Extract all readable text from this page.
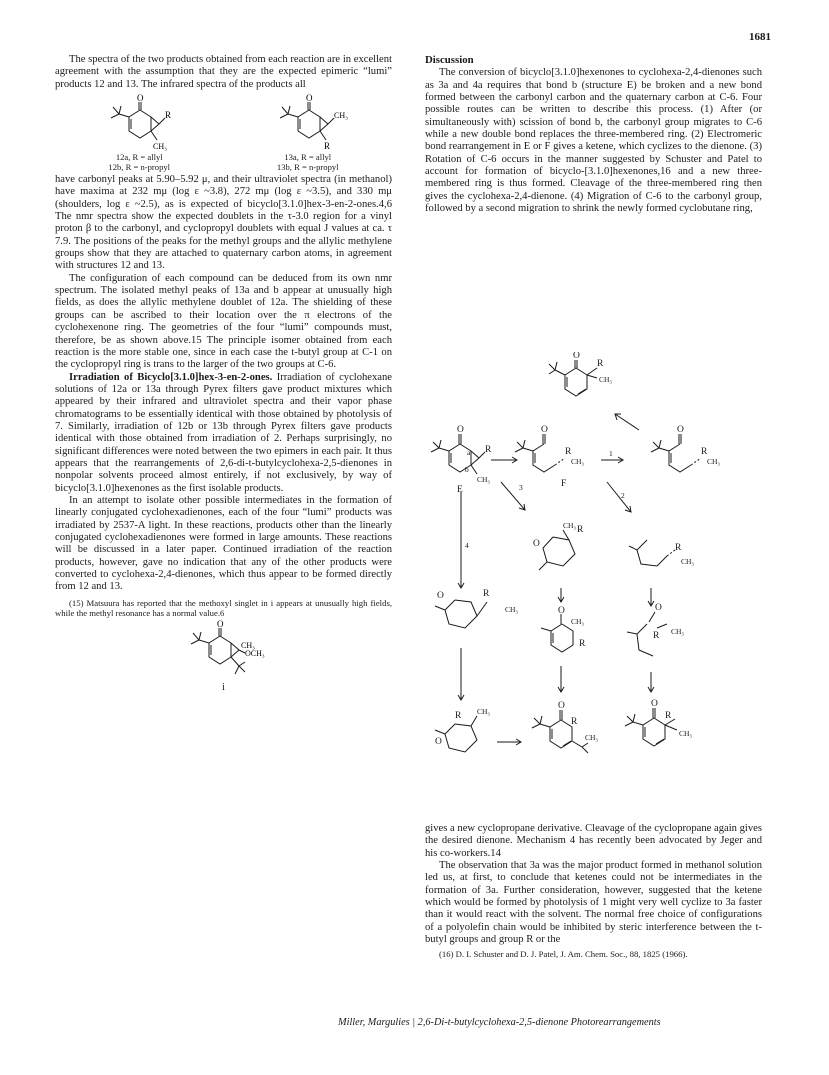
1681

The spectra of the two products obtained from each reaction are in excellent agreement with the assumption that they are the expected epimeric “lumi” products 12 and 13. The infrared spectra of the products all

O
R
CH₃
12a, R = allyl
12b, R = n-propyl
O
CH₃
R
13a, R = allyl
13b, R = n-propyl

have carbonyl peaks at 5.90–5.92 μ, and their ultraviolet spectra (in methanol) have maxima at 232 mμ (log ε ~3.8), 272 mμ (log ε ~3.5), and 330 mμ (shoulders, log ε ~2.5), as is expected of bicyclo[3.1.0]hex-3-en-2-ones.4,6 The nmr spectra show the expected doublets in the τ-3.0 region for a vinyl proton β to the carbonyl, and cyclopropyl doublets with equal J values at ca. τ 7.9. The positions of the peaks for the methyl groups and the allylic methylene groups show that they are attached to quaternary carbon atoms, in agreement with structures 12 and 13.

The configuration of each compound can be deduced from its own nmr spectrum. The isolated methyl peaks of 13a and b appear at unusually high fields, as does the allylic methylene doublet of 12a. The shielding of these groups can be ascribed to their location over the π electrons of the cyclohexenone ring. The geometries of the four “lumi” compounds must, therefore, be as shown above.15 The principle isomer obtained from each reaction is the more stable one, since in each case the t-butyl group at C-1 on the cyclopropyl ring is trans to the larger of the two groups at C-6.

Irradiation of Bicyclo[3.1.0]hex-3-en-2-ones. Irradiation of cyclohexane solutions of 12a or 13a through Pyrex filters gave product mixtures which appeared by their infrared and ultraviolet spectra and their vapor phase chromatograms to be essentially identical with those obtained by photolysis of 7. Similarly, irradiation of 12b or 13b through Pyrex filters gave products identical with those obtained from irradiation of 2. Perhaps surprisingly, no significant differences were noted between the two epimers in each pair. It thus appears that the rearrangements of 2,6-di-t-butylcyclohexa-2,5-dienones in nonpolar solvents proceed almost entirely, if not exclusively, by way of bicyclo[3.1.0]hexenones as the first isolable products.

In an attempt to isolate other possible intermediates in the formation of linearly conjugated cyclohexadienones, each of the four “lumi” products was irradiated by 2537-A light. In these reactions, products other than the linearly conjugated cyclohexadienones were formed in large amounts. These reactions will be discussed in a later paper. Continued irradiation of the reaction products, however, gave no indication that any of the other products were converted to cyclohexa-2,4-dienones, which thus appear to be formed directly from 12 and 13.

(15) Matsuura has reported that the methoxyl singlet in i appears at unusually high fields, while the methyl resonance has a normal value.6

O
OCH₃
CH₃
i
Discussion

The conversion of bicyclo[3.1.0]hexenones to cyclohexa-2,4-dienones such as 3a and 4a requires that bond b (structure E) be broken and a new bond formed between the carbonyl carbon and the quaternary carbon at C-6. Four possible routes can be written to describe this process. (1) After (or simultaneously with) scission of bond b, the carbonyl group migrates to C-6 while a new double bond replaces the three-membered ring. (2) Electromeric bond rearrangement in E or F gives a ketene, which cyclizes to the dienone. (3) Rotation of C-6 occurs in the manner suggested by Schuster and Patel to account for formation of bicyclo-[3.1.0]hexenones,16 and a new three-membered ring is thus formed. Cleavage of the three-membered ring then gives the cyclohexa-2,4-dienone. (4) Migration of C-6 to the carbonyl group, followed by a second migration to shrink the newly formed cyclobutane ring,

O
R
CH₃
O
a
b
R
CH₃
E
O
R
CH₃
F
1
O
R
CH₃
4
3
2
CH₃ R
O	R
CH₃
O	R
CH₃	O
CH₃
R
O
R CH₃
R CH₃
O
O
R
CH₃
O
R
CH₃

gives a new cyclopropane derivative. Cleavage of the cyclopropane again gives the desired dienone. Mechanism 4 has recently been advocated by Jeger and his co-workers.14

The observation that 3a was the major product formed in methanol solution led us, at first, to conclude that ketenes could not be intermediates in the formation of 3a. Further consideration, however, suggested that the ketene which would be formed by photolysis of 1 might very well cyclize to 3a faster than it would react with the solvent. The normal free choice of configurations of a polyolefin chain would be inhibited by steric interference between the t-butyl groups and group R or the

(16) D. I. Schuster and D. J. Patel, J. Am. Chem. Soc., 88, 1825 (1966).

Miller, Margulies | 2,6-Di-t-butylcyclohexa-2,5-dienone Photorearrangements
